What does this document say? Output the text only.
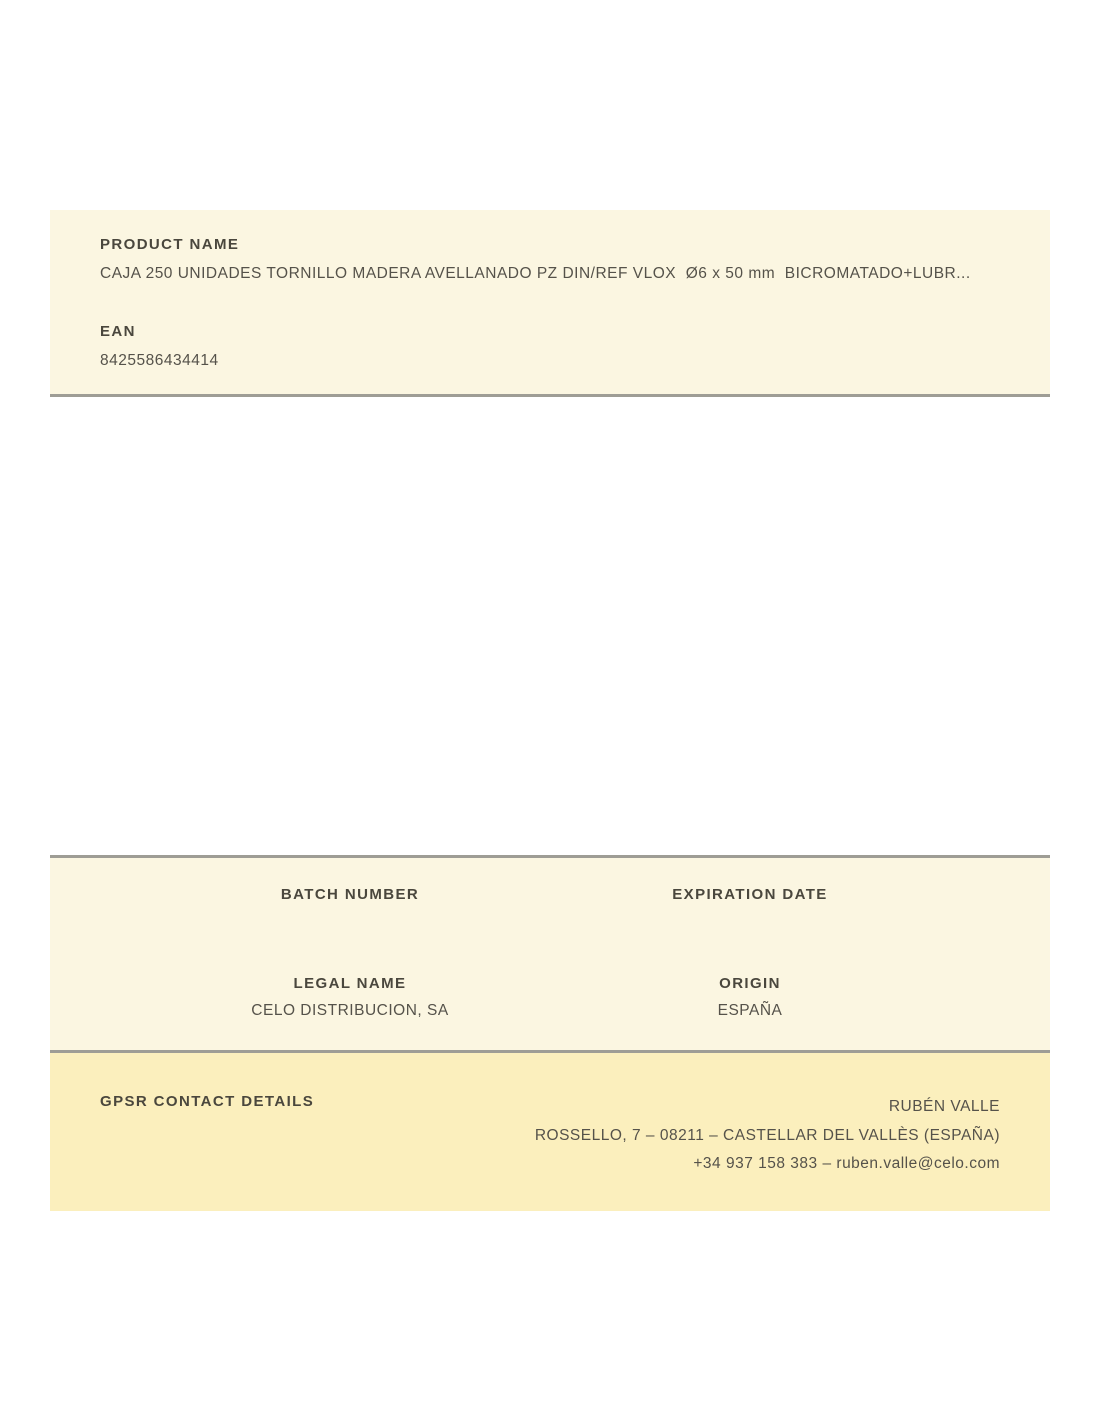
PRODUCT NAME
CAJA 250 UNIDADES TORNILLO MADERA AVELLANADO PZ DIN/REF VLOX  Ø6 x 50 mm  BICROMATADO+LUBR...
EAN
8425586434414
BATCH NUMBER	EXPIRATION DATE
LEGAL NAME	ORIGIN
CELO DISTRIBUCION, SA	ESPAÑA
GPSR CONTACT DETAILS	RUBÉN VALLE
ROSSELLO, 7 – 08211 – CASTELLAR DEL VALLÈS (ESPAÑA)
+34 937 158 383 – ruben.valle@celo.com
